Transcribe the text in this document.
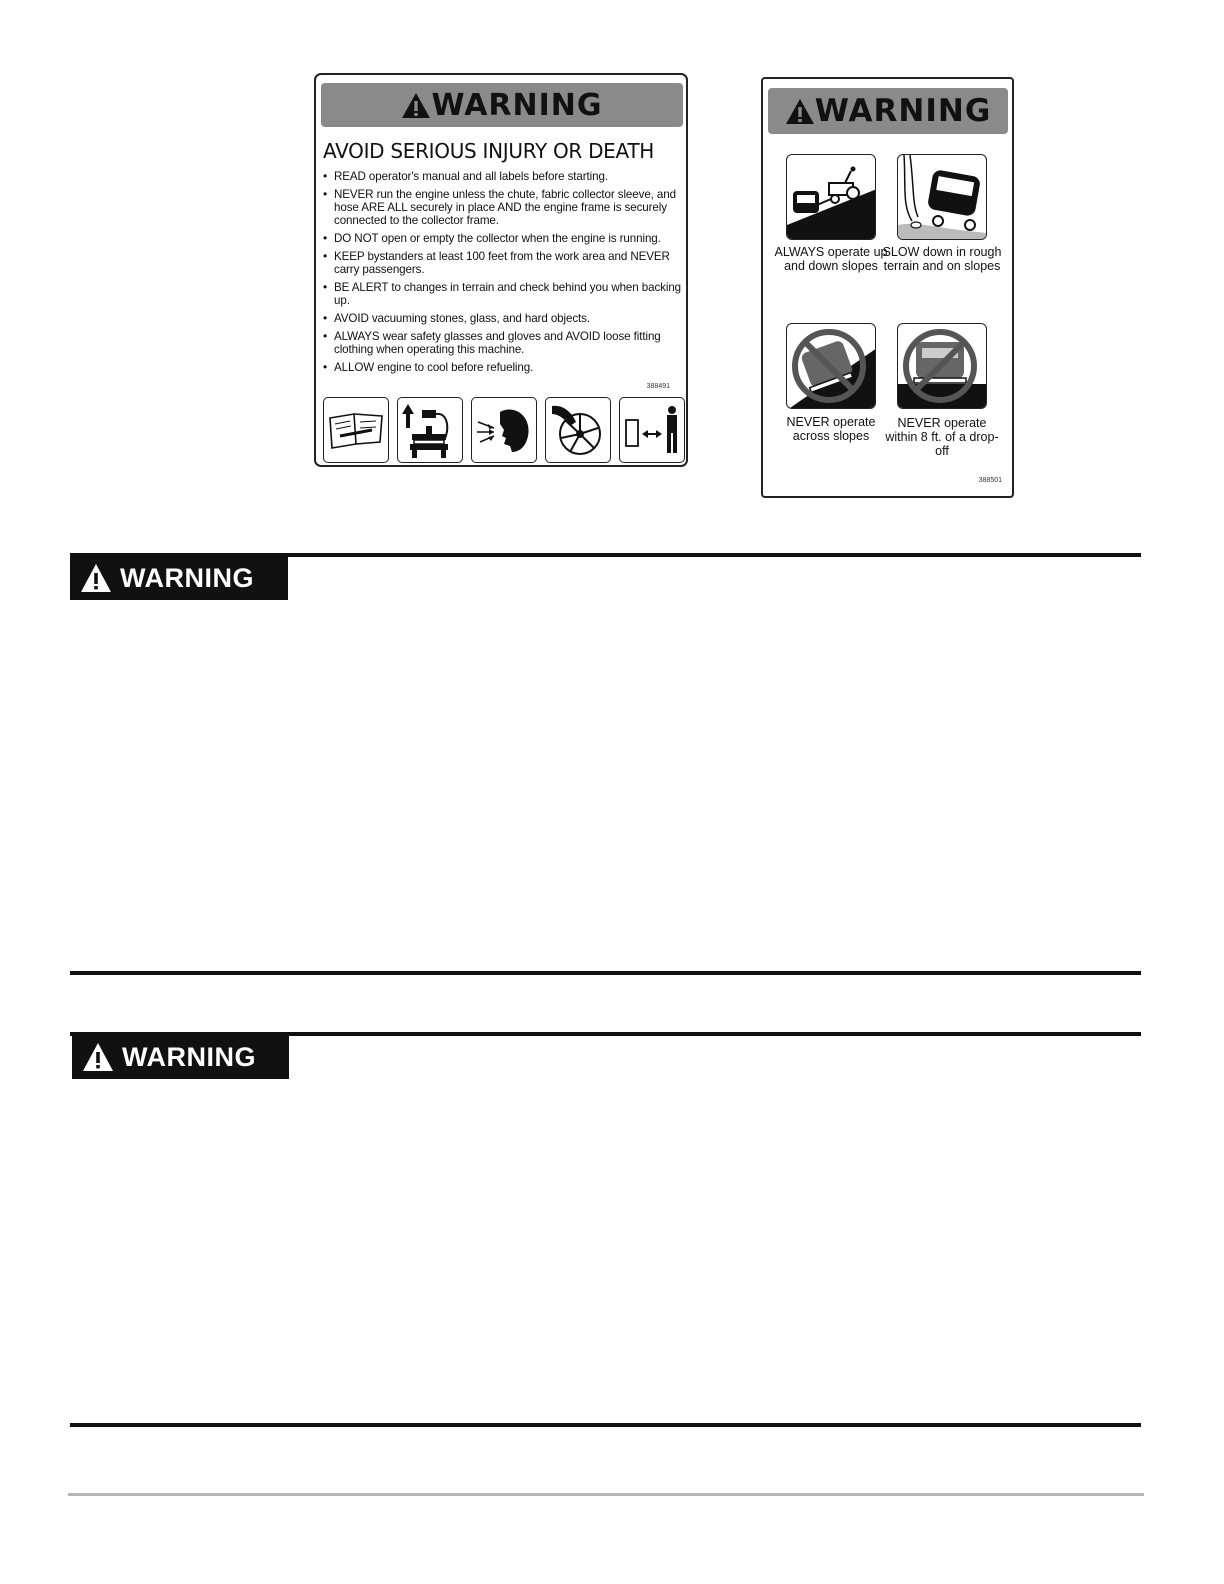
WARNING
AVOID SERIOUS INJURY OR DEATH
• READ operator's manual and all labels before starting.
• NEVER run the engine unless the chute, fabric collector sleeve, and hose ARE ALL securely in place AND the engine frame is securely connected to the collector frame.
• DO NOT open or empty the collector when the engine is running.
• KEEP bystanders at least 100 feet from the work area and NEVER carry passengers.
• BE ALERT to changes in terrain and check behind you when backing up.
• AVOID vacuuming stones, glass, and hard objects.
• ALWAYS wear safety glasses and gloves and AVOID loose fitting clothing when operating this machine.
• ALLOW engine to cool before refueling.
388491
WARNING
ALWAYS operate up and down slopes
SLOW down in rough terrain and on slopes
NEVER operate across slopes
NEVER operate within 8 ft. of a drop-off
388501
WARNING
WARNING
